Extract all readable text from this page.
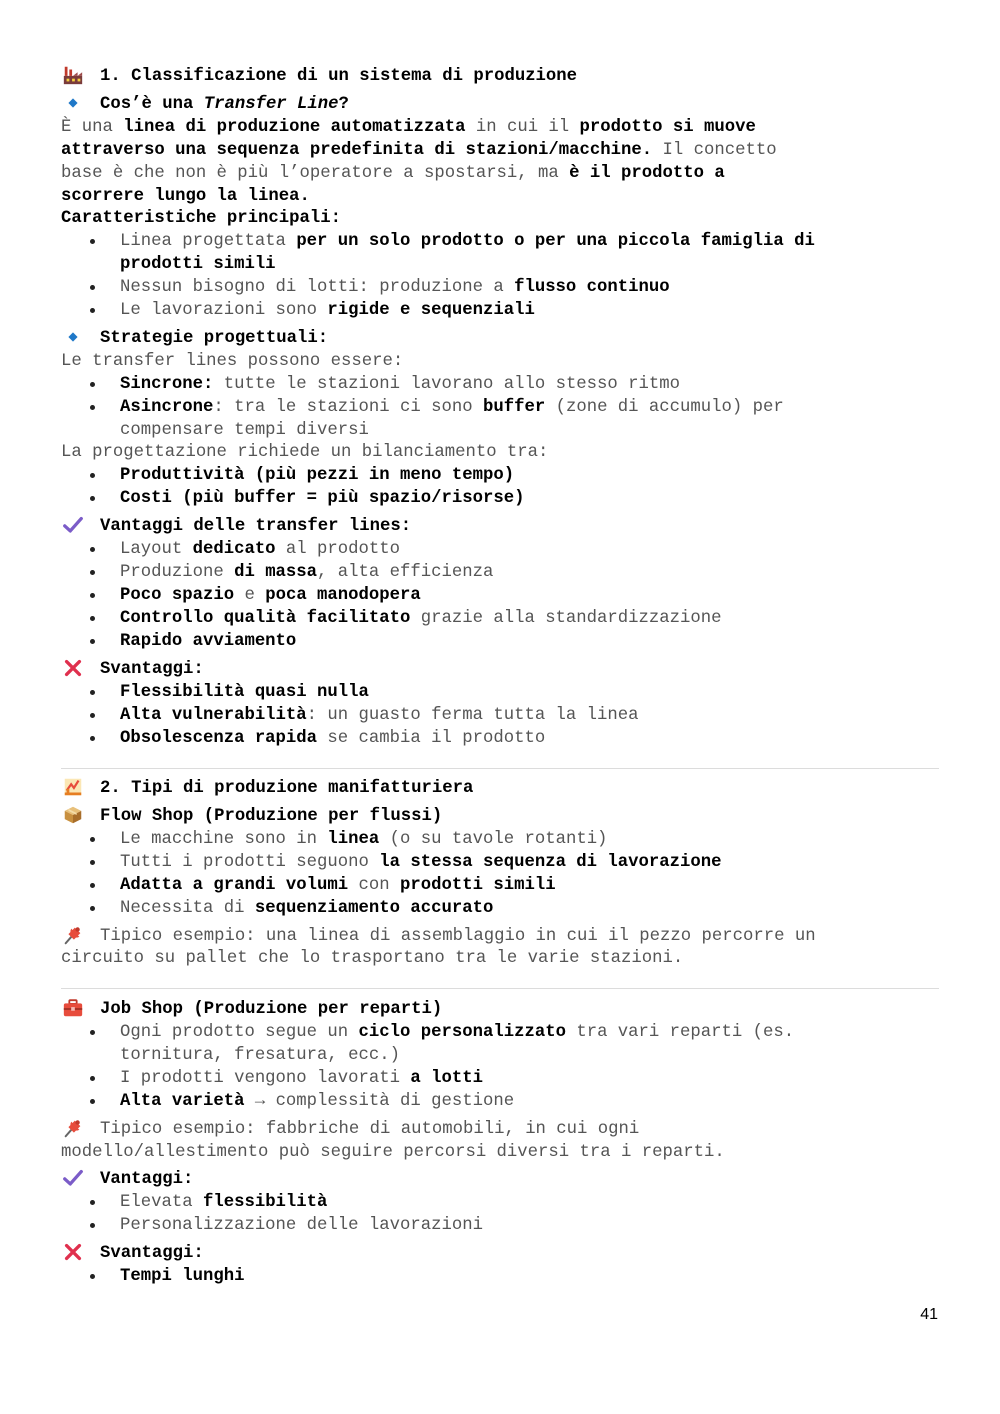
1. Classificazione di un sistema di produzione
Cos’è una Transfer Line?
È una linea di produzione automatizzata in cui il prodotto si muove
attraverso una sequenza predefinita di stazioni/macchine. Il concetto
base è che non è più l’operatore a spostarsi, ma è il prodotto a
scorrere lungo la linea.
Caratteristiche principali:
Linea progettata per un solo prodotto o per una piccola famiglia di
prodotti simili
Nessun bisogno di lotti: produzione a flusso continuo
Le lavorazioni sono rigide e sequenziali
Strategie progettuali:
Le transfer lines possono essere:
Sincrone: tutte le stazioni lavorano allo stesso ritmo
Asincrone: tra le stazioni ci sono buffer (zone di accumulo) per
compensare tempi diversi
La progettazione richiede un bilanciamento tra:
Produttività (più pezzi in meno tempo)
Costi (più buffer = più spazio/risorse)
Vantaggi delle transfer lines:
Layout dedicato al prodotto
Produzione di massa, alta efficienza
Poco spazio e poca manodopera
Controllo qualità facilitato grazie alla standardizzazione
Rapido avviamento
Svantaggi:
Flessibilità quasi nulla
Alta vulnerabilità: un guasto ferma tutta la linea
Obsolescenza rapida se cambia il prodotto
2. Tipi di produzione manifatturiera
Flow Shop (Produzione per flussi)
Le macchine sono in linea (o su tavole rotanti)
Tutti i prodotti seguono la stessa sequenza di lavorazione
Adatta a grandi volumi con prodotti simili
Necessita di sequenziamento accurato
Tipico esempio: una linea di assemblaggio in cui il pezzo percorre un
circuito su pallet che lo trasportano tra le varie stazioni.
Job Shop (Produzione per reparti)
Ogni prodotto segue un ciclo personalizzato tra vari reparti (es.
tornitura, fresatura, ecc.)
I prodotti vengono lavorati a lotti
Alta varietà → complessità di gestione
Tipico esempio: fabbriche di automobili, in cui ogni
modello/allestimento può seguire percorsi diversi tra i reparti.
Vantaggi:
Elevata flessibilità
Personalizzazione delle lavorazioni
Svantaggi:
Tempi lunghi
41
